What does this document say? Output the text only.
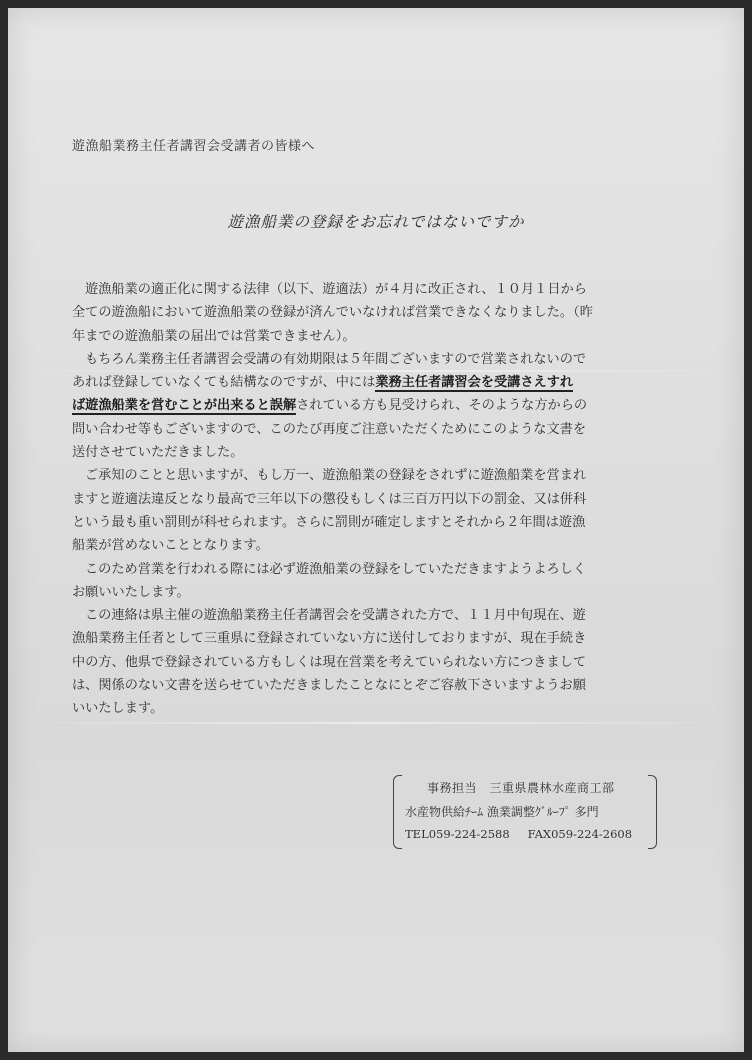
遊漁船業務主任者講習会受講者の皆様へ
遊漁船業の登録をお忘れではないですか
遊漁船業の適正化に関する法律（以下、遊適法）が４月に改正され、１０月１日から
全ての遊漁船において遊漁船業の登録が済んでいなければ営業できなくなりました。（昨
年までの遊漁船業の届出では営業できません）。
もちろん業務主任者講習会受講の有効期限は５年間ございますので営業されないので
あれば登録していなくても結構なのですが、中には業務主任者講習会を受講さえすれ
ば遊漁船業を営むことが出来ると誤解されている方も見受けられ、そのような方からの
問い合わせ等もございますので、このたび再度ご注意いただくためにこのような文書を
送付させていただきました。
ご承知のことと思いますが、もし万一、遊漁船業の登録をされずに遊漁船業を営まれ
ますと遊適法違反となり最高で三年以下の懲役もしくは三百万円以下の罰金、又は併科
という最も重い罰則が科せられます。さらに罰則が確定しますとそれから２年間は遊漁
船業が営めないこととなります。
このため営業を行われる際には必ず遊漁船業の登録をしていただきますようよろしく
お願いいたします。
この連絡は県主催の遊漁船業務主任者講習会を受講された方で、１１月中旬現在、遊
漁船業務主任者として三重県に登録されていない方に送付しておりますが、現在手続き
中の方、他県で登録されている方もしくは現在営業を考えていられない方につきまして
は、関係のない文書を送らせていただきましたことなにとぞご容赦下さいますようお願
いいたします。
事務担当　三重県農林水産商工部
水産物供給ﾁｰﾑ 漁業調整ｸﾞﾙｰﾌﾟ 多門
TEL059-224-2588 FAX059-224-2608
